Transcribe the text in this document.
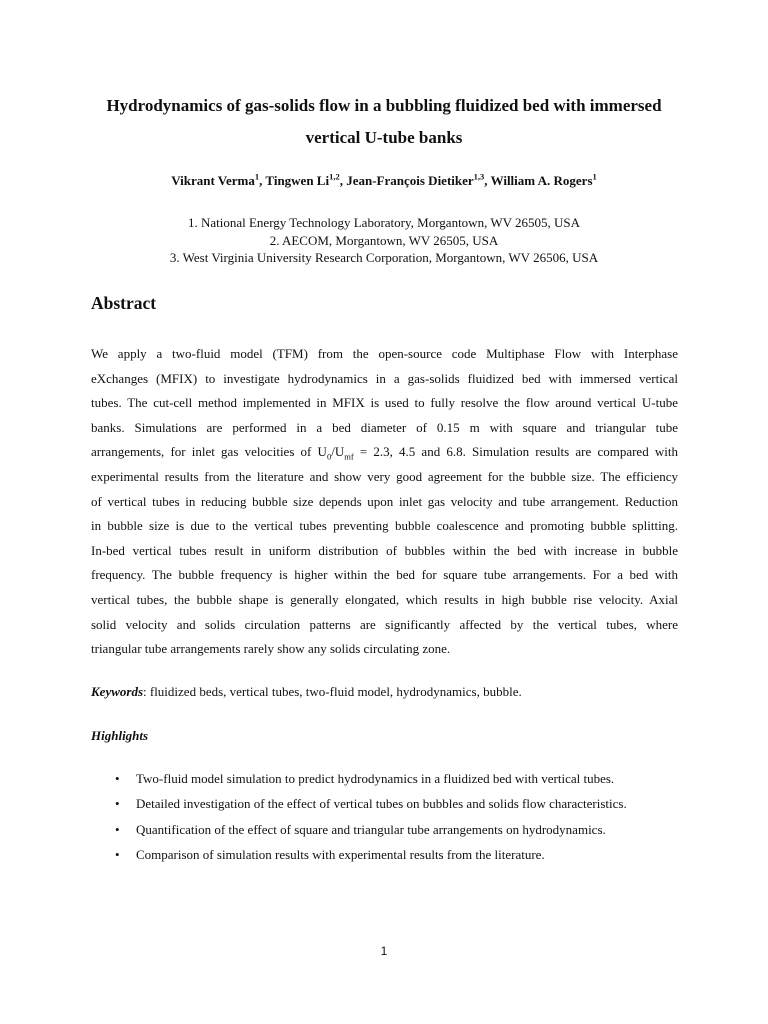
Hydrodynamics of gas-solids flow in a bubbling fluidized bed with immersed
vertical U-tube banks
Vikrant Verma$^1$, Tingwen Li$^{1,2}$, Jean-François Dietiker$^{1,3}$, William A. Rogers$^1$
1. National Energy Technology Laboratory, Morgantown, WV 26505, USA
2. AECOM, Morgantown, WV 26505, USA
3. West Virginia University Research Corporation, Morgantown, WV 26506, USA
Abstract
We apply a two-fluid model (TFM) from the open-source code Multiphase Flow with Interphase
eXchanges (MFIX) to investigate hydrodynamics in a gas-solids fluidized bed with immersed vertical
tubes. The cut-cell method implemented in MFIX is used to fully resolve the flow around vertical U-tube
banks. Simulations are performed in a bed diameter of 0.15 m with square and triangular tube
arrangements, for inlet gas velocities of $U_0/U_{mf} = 2.3$, 4.5 and 6.8. Simulation results are compared with
experimental results from the literature and show very good agreement for the bubble size. The efficiency
of vertical tubes in reducing bubble size depends upon inlet gas velocity and tube arrangement. Reduction
in bubble size is due to the vertical tubes preventing bubble coalescence and promoting bubble splitting.
In-bed vertical tubes result in uniform distribution of bubbles within the bed with increase in bubble
frequency. The bubble frequency is higher within the bed for square tube arrangements. For a bed with
vertical tubes, the bubble shape is generally elongated, which results in high bubble rise velocity. Axial
solid velocity and solids circulation patterns are significantly affected by the vertical tubes, where
triangular tube arrangements rarely show any solids circulating zone.

Keywords: fluidized beds, vertical tubes, two-fluid model, hydrodynamics, bubble.

Highlights
• Two-fluid model simulation to predict hydrodynamics in a fluidized bed with vertical tubes.
• Detailed investigation of the effect of vertical tubes on bubbles and solids flow characteristics.
• Quantification of the effect of square and triangular tube arrangements on hydrodynamics.
• Comparison of simulation results with experimental results from the literature.
1
